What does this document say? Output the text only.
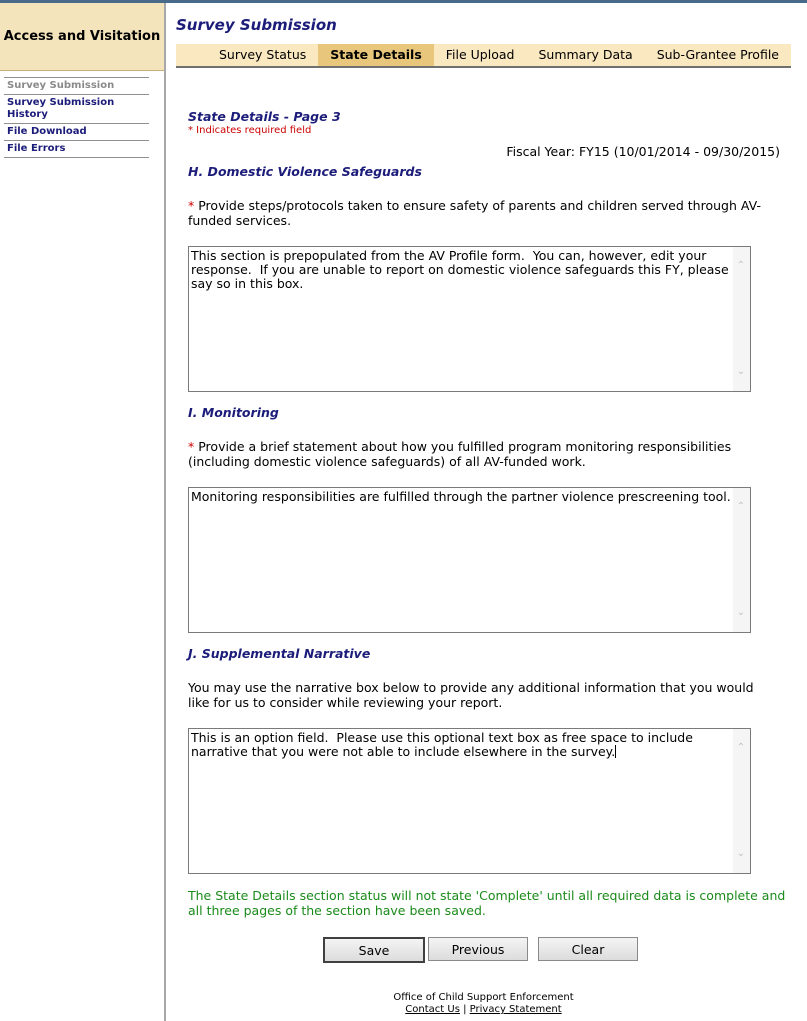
Access and Visitation
Survey Submission
Survey Submission History
File Download
File Errors
Survey Submission
Survey Status	State Details	File Upload	Summary Data	Sub-Grantee Profile
State Details - Page 3
* Indicates required field
Fiscal Year: FY15 (10/01/2014 - 09/30/2015)
H. Domestic Violence Safeguards
* Provide steps/protocols taken to ensure safety of parents and children served through AV-funded services.
This section is prepopulated from the AV Profile form.  You can, however, edit your response.  If you are unable to report on domestic violence safeguards this FY, please say so in this box.
⌃
⌄
I. Monitoring
* Provide a brief statement about how you fulfilled program monitoring responsibilities (including domestic violence safeguards) of all AV-funded work.
Monitoring responsibilities are fulfilled through the partner violence prescreening tool.
⌃
⌄
J. Supplemental Narrative
You may use the narrative box below to provide any additional information that you would like for us to consider while reviewing your report.
This is an option field.  Please use this optional text box as free space to include narrative that you were not able to include elsewhere in the survey.	⌃
⌄
The State Details section status will not state 'Complete' until all required data is complete and all three pages of the section have been saved.
Save	Previous	Clear
Office of Child Support Enforcement
Contact Us | Privacy Statement
